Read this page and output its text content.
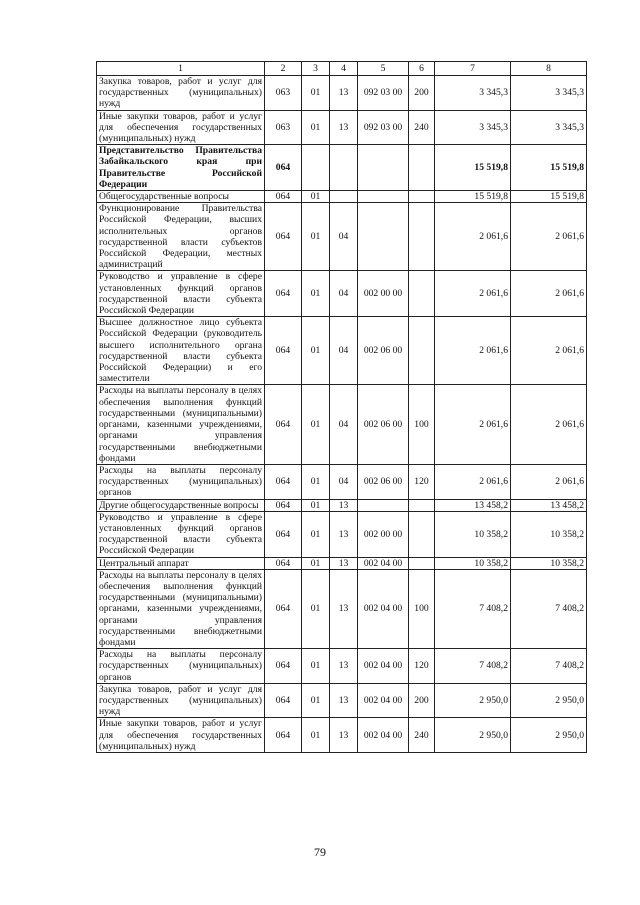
1	2	3	4	5	6	7	8
Закупка товаров, работ и услуг для государственных (муниципальных) нужд	063	01	13	092 03 00	200	3 345,3	3 345,3
Иные закупки товаров, работ и услуг для обеспечения государственных (муниципальных) нужд	063	01	13	092 03 00	240	3 345,3	3 345,3
Представительство Правительства Забайкальского края при Правительстве Российской Федерации	064					15 519,8	15 519,8
Общегосударственные вопросы	064	01				15 519,8	15 519,8
Функционирование Правительства Российской Федерации, высших исполнительных органов государственной власти субъектов Российской Федерации, местных администраций	064	01	04			2 061,6	2 061,6
Руководство и управление в сфере установленных функций органов государственной власти субъекта Российской Федерации	064	01	04	002 00 00		2 061,6	2 061,6
Высшее должностное лицо субъекта Российской Федерации (руководитель высшего исполнительного органа государственной власти субъекта Российской Федерации) и его заместители	064	01	04	002 06 00		2 061,6	2 061,6
Расходы на выплаты персоналу в целях обеспечения выполнения функций государственными (муниципальными) органами, казенными учреждениями, органами управления государственными внебюджетными фондами	064	01	04	002 06 00	100	2 061,6	2 061,6
Расходы на выплаты персоналу государственных (муниципальных) органов	064	01	04	002 06 00	120	2 061,6	2 061,6
Другие общегосударственные вопросы	064	01	13			13 458,2	13 458,2
Руководство и управление в сфере установленных функций органов государственной власти субъекта Российской Федерации	064	01	13	002 00 00		10 358,2	10 358,2
Центральный аппарат	064	01	13	002 04 00		10 358,2	10 358,2
Расходы на выплаты персоналу в целях обеспечения выполнения функций государственными (муниципальными) органами, казенными учреждениями, органами управления государственными внебюджетными фондами	064	01	13	002 04 00	100	7 408,2	7 408,2
Расходы на выплаты персоналу государственных (муниципальных) органов	064	01	13	002 04 00	120	7 408,2	7 408,2
Закупка товаров, работ и услуг для государственных (муниципальных) нужд	064	01	13	002 04 00	200	2 950,0	2 950,0
Иные закупки товаров, работ и услуг для обеспечения государственных (муниципальных) нужд	064	01	13	002 04 00	240	2 950,0	2 950,0
79
